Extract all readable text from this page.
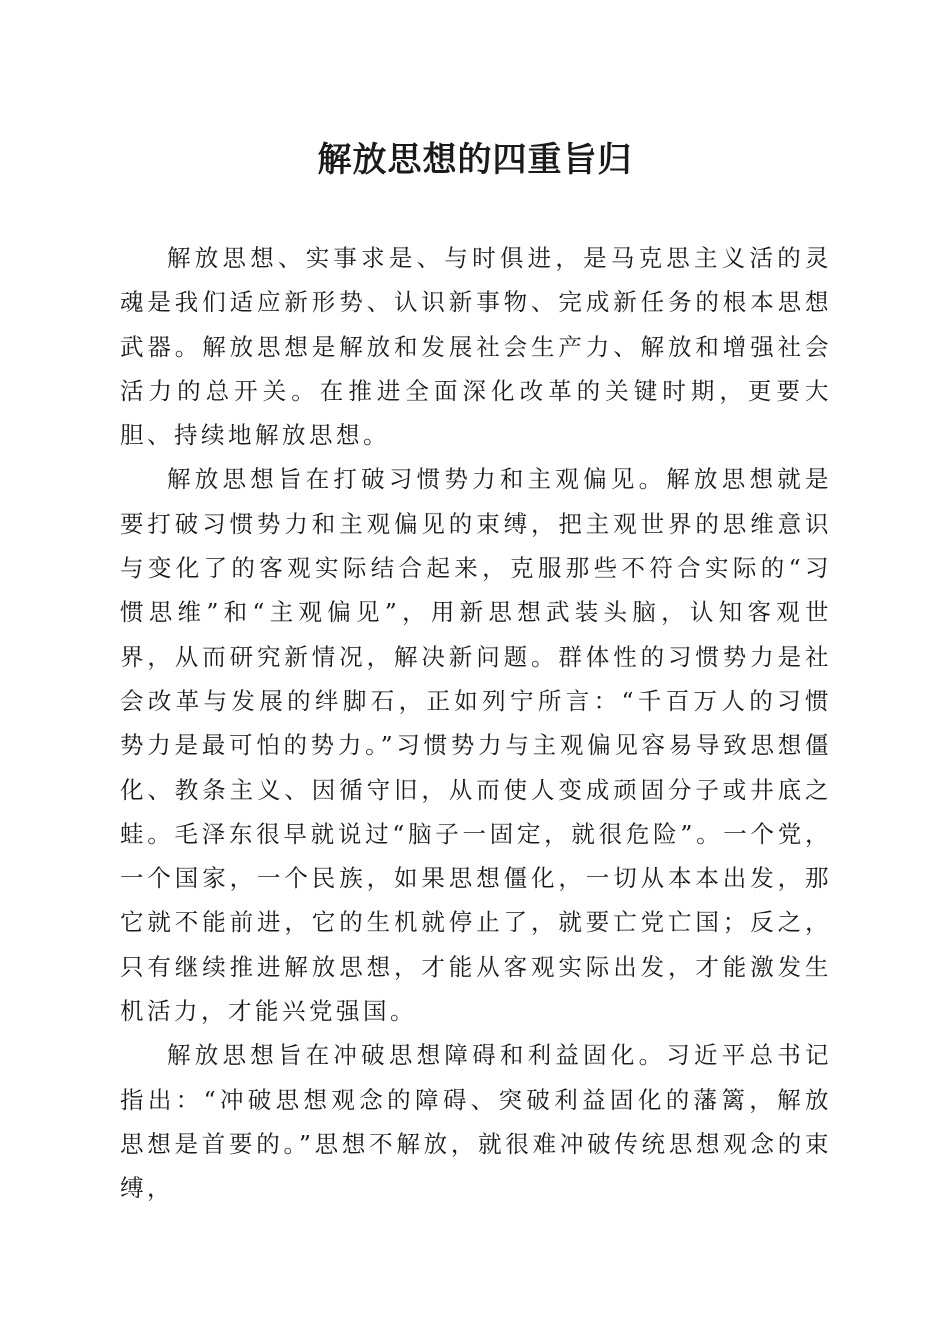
解放思想的四重旨归

解放思想、实事求是、与时俱进，是马克思主义活的灵魂是我们适应新形势、认识新事物、完成新任务的根本思想武器。解放思想是解放和发展社会生产力、解放和增强社会活力的总开关。在推进全面深化改革的关键时期，更要大胆、持续地解放思想。

解放思想旨在打破习惯势力和主观偏见。解放思想就是要打破习惯势力和主观偏见的束缚，把主观世界的思维意识与变化了的客观实际结合起来，克服那些不符合实际的“习惯思维”和“主观偏见”，用新思想武装头脑，认知客观世界，从而研究新情况，解决新问题。群体性的习惯势力是社会改革与发展的绊脚石，正如列宁所言：“千百万人的习惯势力是最可怕的势力。”习惯势力与主观偏见容易导致思想僵化、教条主义、因循守旧，从而使人变成顽固分子或井底之蛙。毛泽东很早就说过“脑子一固定，就很危险”。一个党，一个国家，一个民族，如果思想僵化，一切从本本出发，那它就不能前进，它的生机就停止了，就要亡党亡国；反之，只有继续推进解放思想，才能从客观实际出发，才能激发生机活力，才能兴党强国。

解放思想旨在冲破思想障碍和利益固化。习近平总书记指出：“冲破思想观念的障碍、突破利益固化的藩篱，解放思想是首要的。”思想不解放，就很难冲破传统思想观念的束缚，
